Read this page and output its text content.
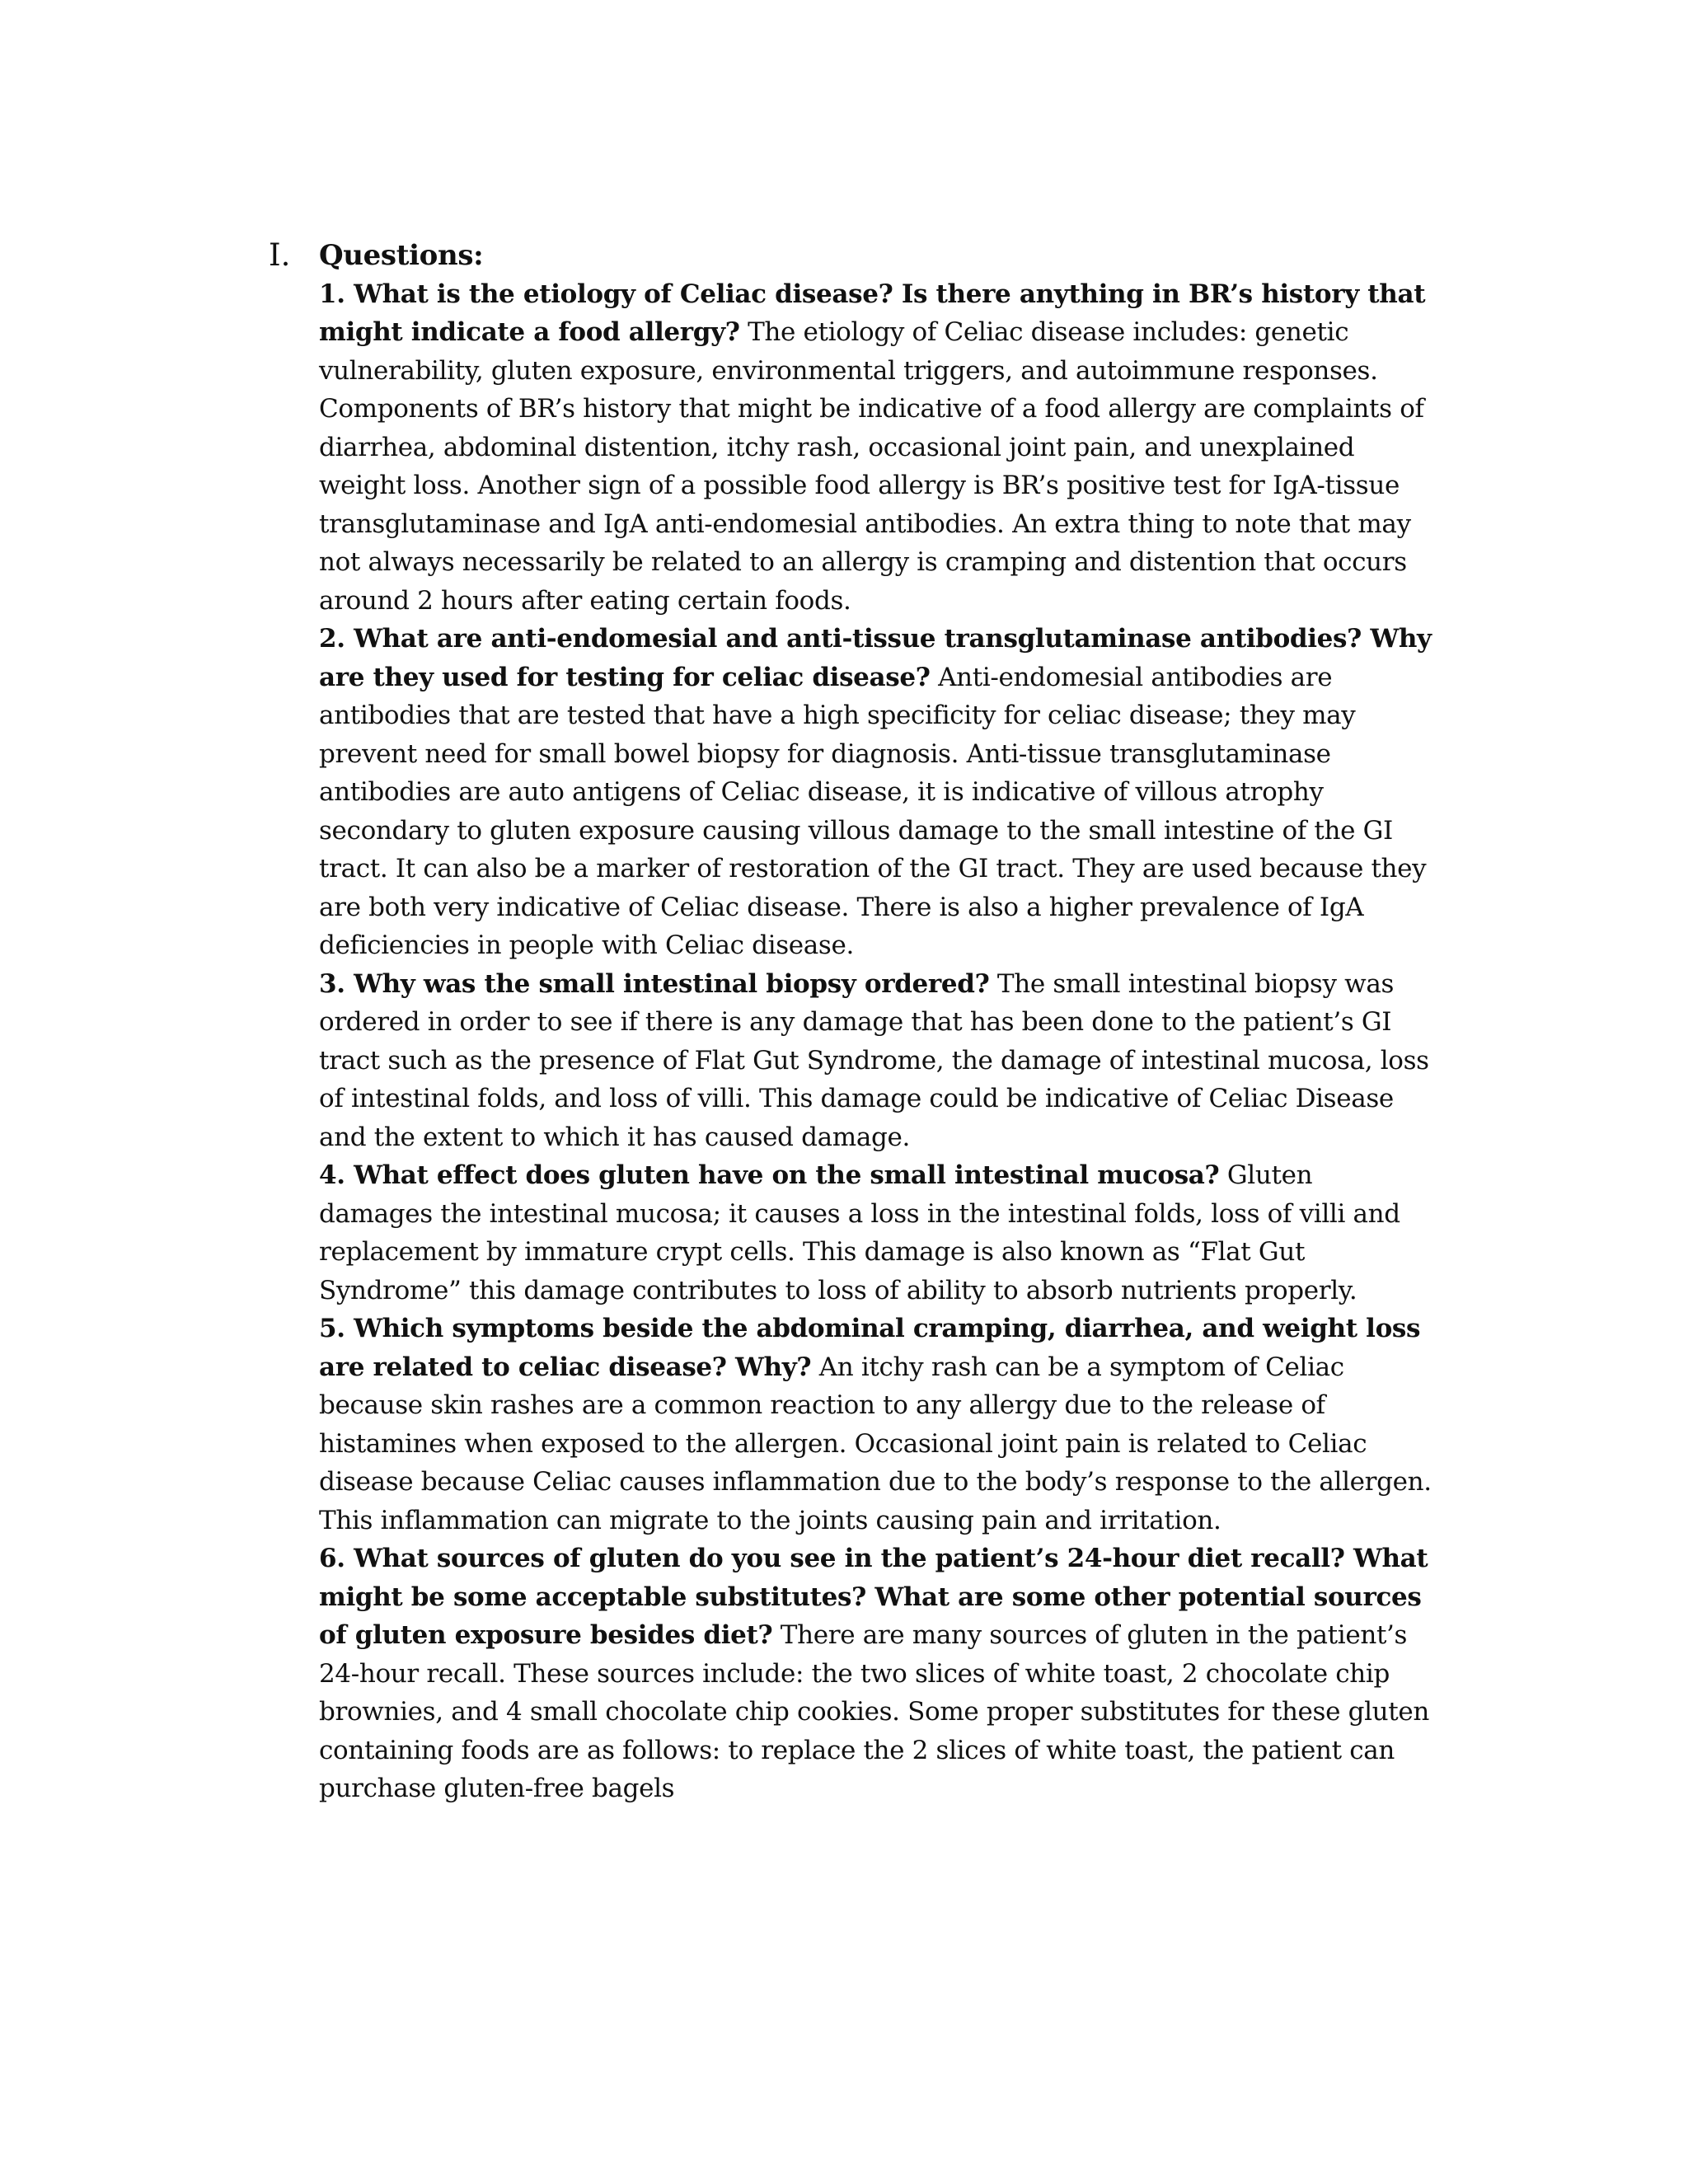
I. Questions:

1. What is the etiology of Celiac disease? Is there anything in BR’s history that might indicate a food allergy? The etiology of Celiac disease includes: genetic vulnerability, gluten exposure, environmental triggers, and autoimmune responses. Components of BR’s history that might be indicative of a food allergy are complaints of diarrhea, abdominal distention, itchy rash, occasional joint pain, and unexplained weight loss. Another sign of a possible food allergy is BR’s positive test for IgA-tissue transglutaminase and IgA anti-endomesial antibodies. An extra thing to note that may not always necessarily be related to an allergy is cramping and distention that occurs around 2 hours after eating certain foods.

2. What are anti-endomesial and anti-tissue transglutaminase antibodies? Why are they used for testing for celiac disease? Anti-endomesial antibodies are antibodies that are tested that have a high specificity for celiac disease; they may prevent need for small bowel biopsy for diagnosis. Anti-tissue transglutaminase antibodies are auto antigens of Celiac disease, it is indicative of villous atrophy secondary to gluten exposure causing villous damage to the small intestine of the GI tract. It can also be a marker of restoration of the GI tract. They are used because they are both very indicative of Celiac disease. There is also a higher prevalence of IgA deficiencies in people with Celiac disease.

3. Why was the small intestinal biopsy ordered? The small intestinal biopsy was ordered in order to see if there is any damage that has been done to the patient’s GI tract such as the presence of Flat Gut Syndrome, the damage of intestinal mucosa, loss of intestinal folds, and loss of villi. This damage could be indicative of Celiac Disease and the extent to which it has caused damage.

4. What effect does gluten have on the small intestinal mucosa? Gluten damages the intestinal mucosa; it causes a loss in the intestinal folds, loss of villi and replacement by immature crypt cells. This damage is also known as “Flat Gut Syndrome” this damage contributes to loss of ability to absorb nutrients properly.

5. Which symptoms beside the abdominal cramping, diarrhea, and weight loss are related to celiac disease? Why? An itchy rash can be a symptom of Celiac because skin rashes are a common reaction to any allergy due to the release of histamines when exposed to the allergen. Occasional joint pain is related to Celiac disease because Celiac causes inflammation due to the body’s response to the allergen. This inflammation can migrate to the joints causing pain and irritation.

6. What sources of gluten do you see in the patient’s 24-hour diet recall? What might be some acceptable substitutes? What are some other potential sources of gluten exposure besides diet? There are many sources of gluten in the patient’s 24-hour recall. These sources include: the two slices of white toast, 2 chocolate chip brownies, and 4 small chocolate chip cookies. Some proper substitutes for these gluten containing foods are as follows: to replace the 2 slices of white toast, the patient can purchase gluten-free bagels
